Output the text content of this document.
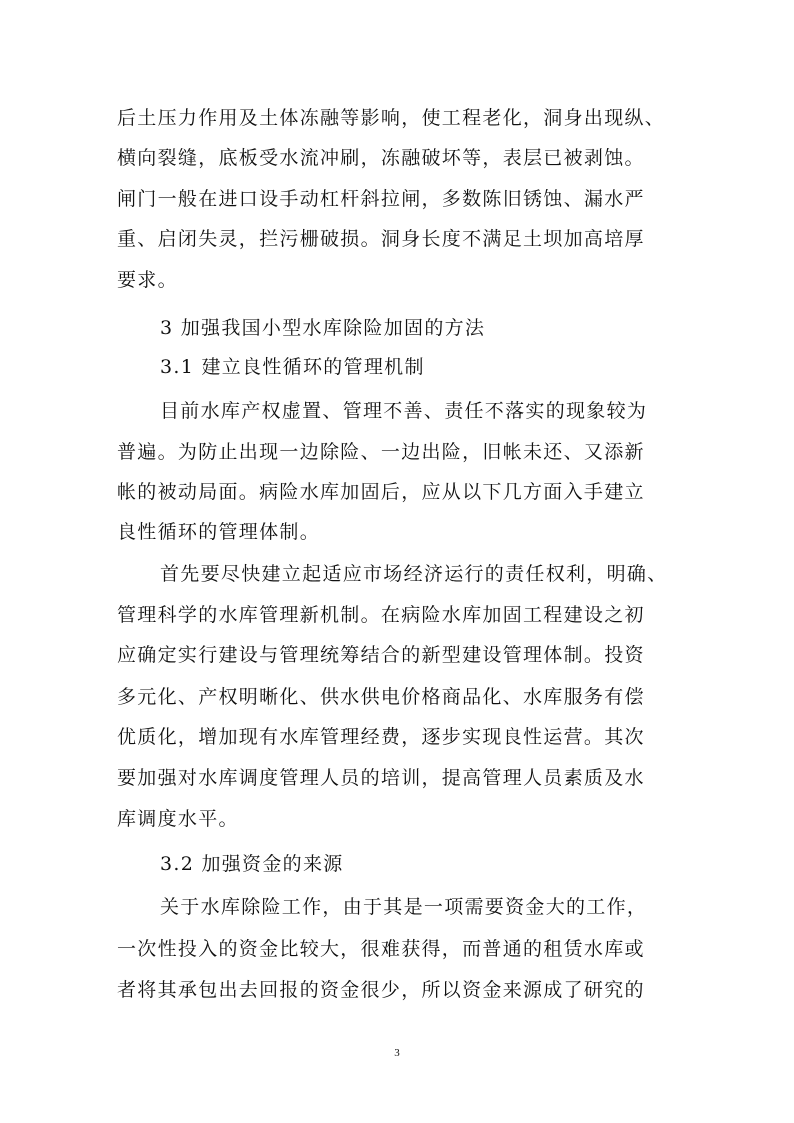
后土压力作用及土体冻融等影响，使工程老化，洞身出现纵、
横向裂缝，底板受水流冲刷，冻融破坏等，表层已被剥蚀。
闸门一般在进口设手动杠杆斜拉闸，多数陈旧锈蚀、漏水严
重、启闭失灵，拦污栅破损。洞身长度不满足土坝加高培厚
要求。
3 加强我国小型水库除险加固的方法
3.1 建立良性循环的管理机制
目前水库产权虚置、管理不善、责任不落实的现象较为
普遍。为防止出现一边除险、一边出险，旧帐未还、又添新
帐的被动局面。病险水库加固后，应从以下几方面入手建立
良性循环的管理体制。
首先要尽快建立起适应市场经济运行的责任权利，明确、
管理科学的水库管理新机制。在病险水库加固工程建设之初
应确定实行建设与管理统筹结合的新型建设管理体制。投资
多元化、产权明晰化、供水供电价格商品化、水库服务有偿
优质化，增加现有水库管理经费，逐步实现良性运营。其次
要加强对水库调度管理人员的培训，提高管理人员素质及水
库调度水平。
3.2 加强资金的来源
关于水库除险工作，由于其是一项需要资金大的工作，
一次性投入的资金比较大，很难获得，而普通的租赁水库或
者将其承包出去回报的资金很少，所以资金来源成了研究的
3
